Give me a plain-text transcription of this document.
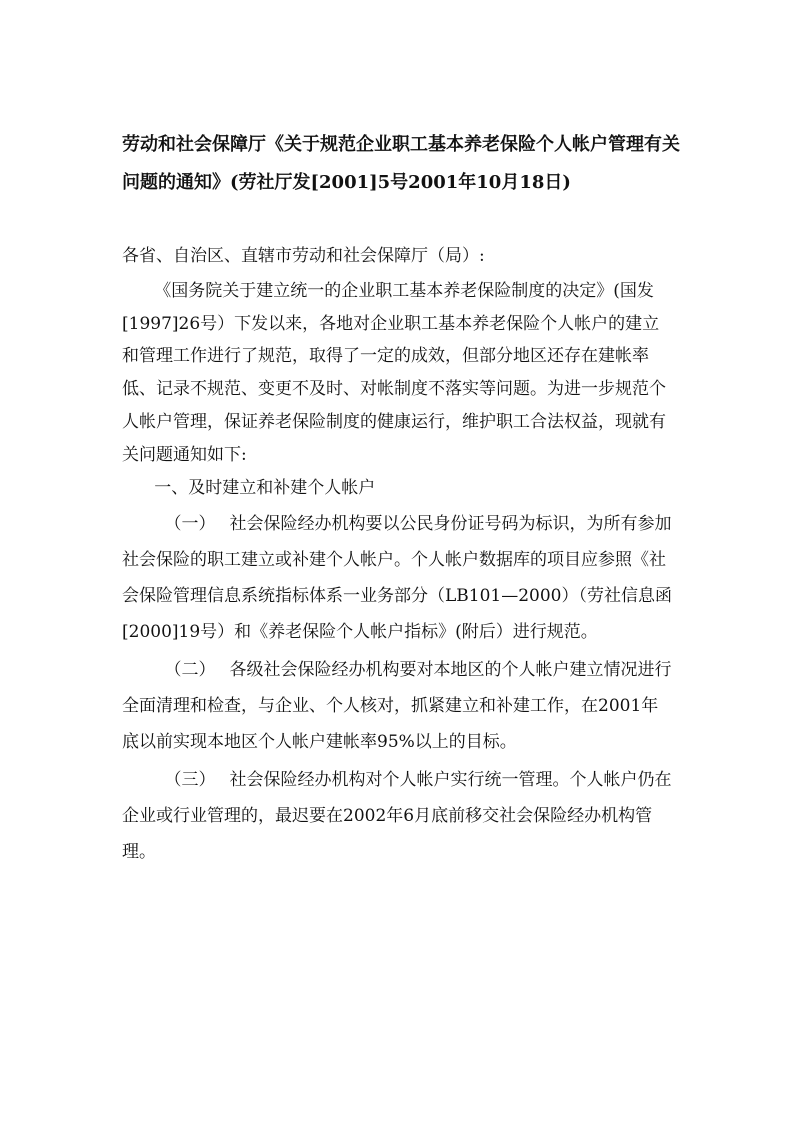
劳动和社会保障厅《关于规范企业职工基本养老保险个人帐户管理有关问题的通知》(劳社厅发[2001]5号2001年10月18日)

各省、自治区、直辖市劳动和社会保障厅（局）:

《国务院关于建立统一的企业职工基本养老保险制度的决定》(国发[1997]26号）下发以来，各地对企业职工基本养老保险个人帐户的建立和管理工作进行了规范，取得了一定的成效，但部分地区还存在建帐率低、记录不规范、变更不及时、对帐制度不落实等问题。为进一步规范个人帐户管理，保证养老保险制度的健康运行，维护职工合法权益，现就有关问题通知如下:

一、及时建立和补建个人帐户

（一） 社会保险经办机构要以公民身份证号码为标识，为所有参加社会保险的职工建立或补建个人帐户。个人帐户数据库的项目应参照《社会保险管理信息系统指标体系一业务部分（LB101—2000）（劳社信息函[2000]19号）和《养老保险个人帐户指标》(附后）进行规范。

（二） 各级社会保险经办机构要对本地区的个人帐户建立情况进行全面清理和检查，与企业、个人核对，抓紧建立和补建工作，在2001年底以前实现本地区个人帐户建帐率95%以上的目标。

（三） 社会保险经办机构对个人帐户实行统一管理。个人帐户仍在企业或行业管理的，最迟要在2002年6月底前移交社会保险经办机构管理。
